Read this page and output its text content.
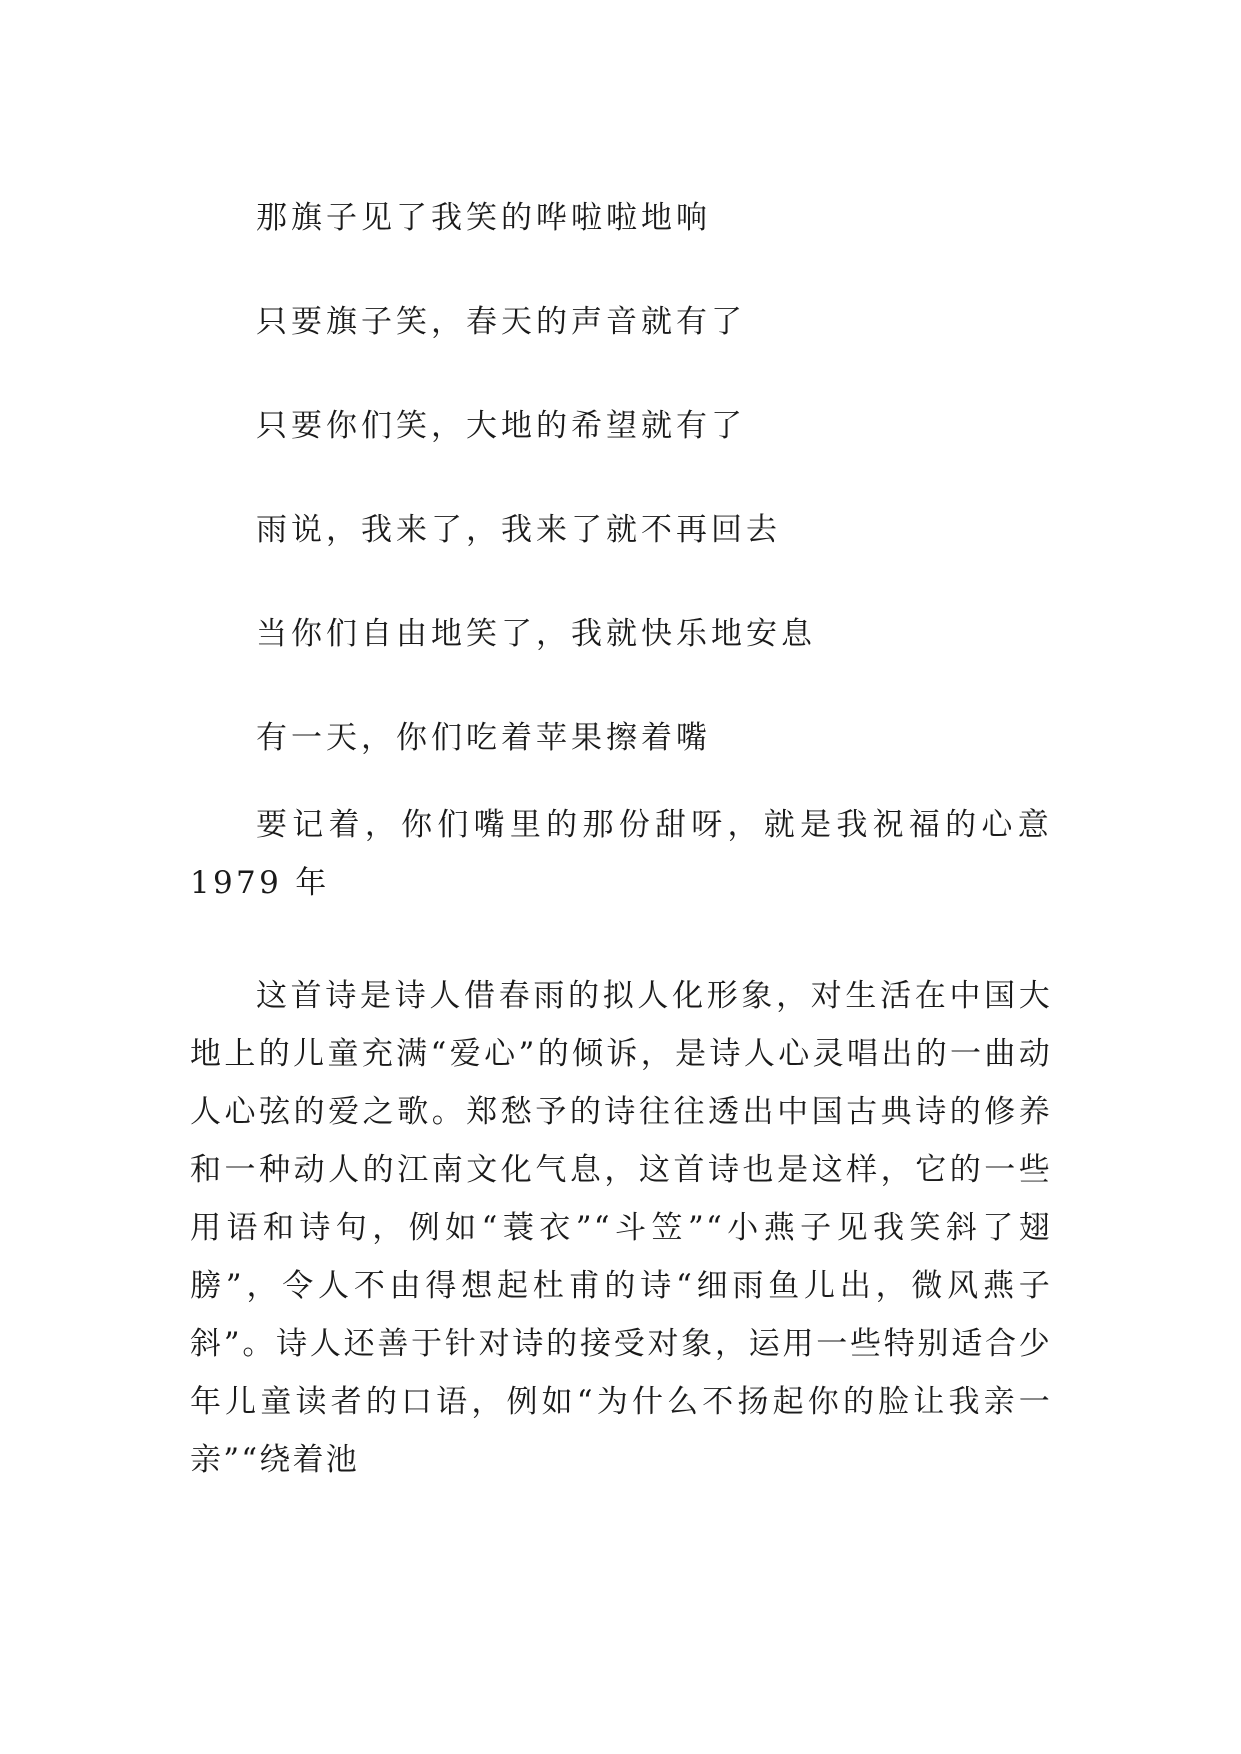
那旗子见了我笑的哗啦啦地响
只要旗子笑，春天的声音就有了
只要你们笑，大地的希望就有了
雨说，我来了，我来了就不再回去
当你们自由地笑了，我就快乐地安息
有一天，你们吃着苹果擦着嘴

要记着，你们嘴里的那份甜呀，就是我祝福的心意 1979 年

这首诗是诗人借春雨的拟人化形象，对生活在中国大地上的儿童充满“爱心”的倾诉，是诗人心灵唱出的一曲动人心弦的爱之歌。郑愁予的诗往往透出中国古典诗的修养和一种动人的江南文化气息，这首诗也是这样，它的一些用语和诗句，例如“蓑衣”“斗笠”“小燕子见我笑斜了翅膀”，令人不由得想起杜甫的诗“细雨鱼儿出，微风燕子斜”。诗人还善于针对诗的接受对象，运用一些特别适合少年儿童读者的口语，例如“为什么不扬起你的脸让我亲一亲”“绕着池
